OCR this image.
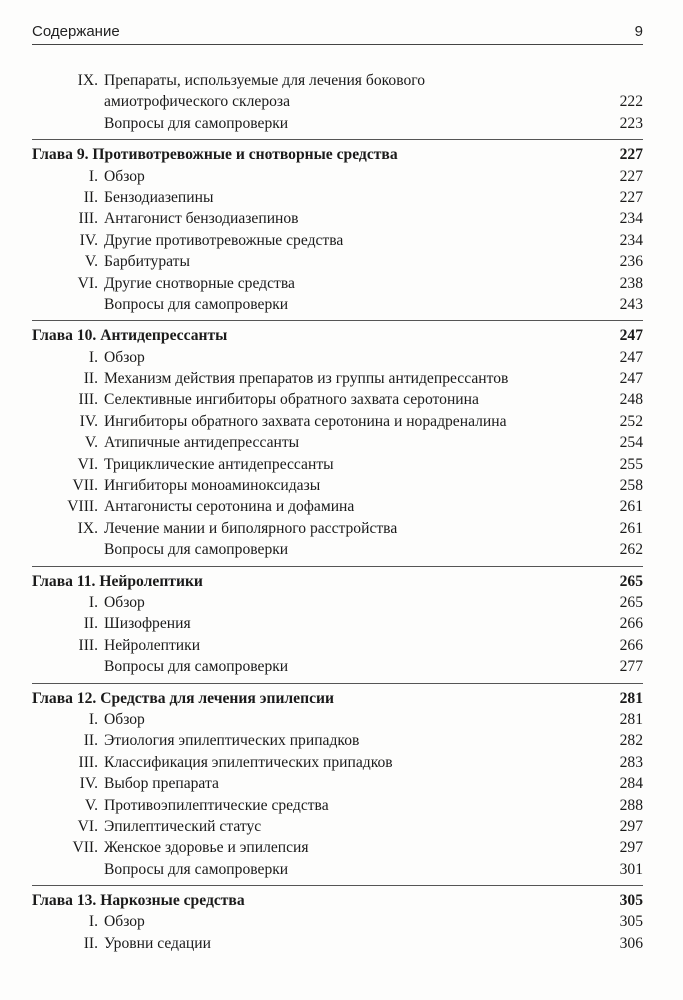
Содержание	9
IX. Препараты, используемые для лечения бокового
амиотрофического склероза	222
Вопросы для самопроверки	223
Глава 9. Противотревожные и снотворные средства	227
I. Обзор	227
II. Бензодиазепины	227
III. Антагонист бензодиазепинов	234
IV. Другие противотревожные средства	234
V. Барбитураты	236
VI. Другие снотворные средства	238
Вопросы для самопроверки	243
Глава 10. Антидепрессанты	247
I. Обзор	247
II. Механизм действия препаратов из группы антидепрессантов	247
III. Селективные ингибиторы обратного захвата серотонина	248
IV. Ингибиторы обратного захвата серотонина и норадреналина	252
V. Атипичные антидепрессанты	254
VI. Трициклические антидепрессанты	255
VII. Ингибиторы моноаминоксидазы	258
VIII. Антагонисты серотонина и дофамина	261
IX. Лечение мании и биполярного расстройства	261
Вопросы для самопроверки	262
Глава 11. Нейролептики	265
I. Обзор	265
II. Шизофрения	266
III. Нейролептики	266
Вопросы для самопроверки	277
Глава 12. Средства для лечения эпилепсии	281
I. Обзор	281
II. Этиология эпилептических припадков	282
III. Классификация эпилептических припадков	283
IV. Выбор препарата	284
V. Противоэпилептические средства	288
VI. Эпилептический статус	297
VII. Женское здоровье и эпилепсия	297
Вопросы для самопроверки	301
Глава 13. Наркозные средства	305
I. Обзор	305
II. Уровни седации	306
